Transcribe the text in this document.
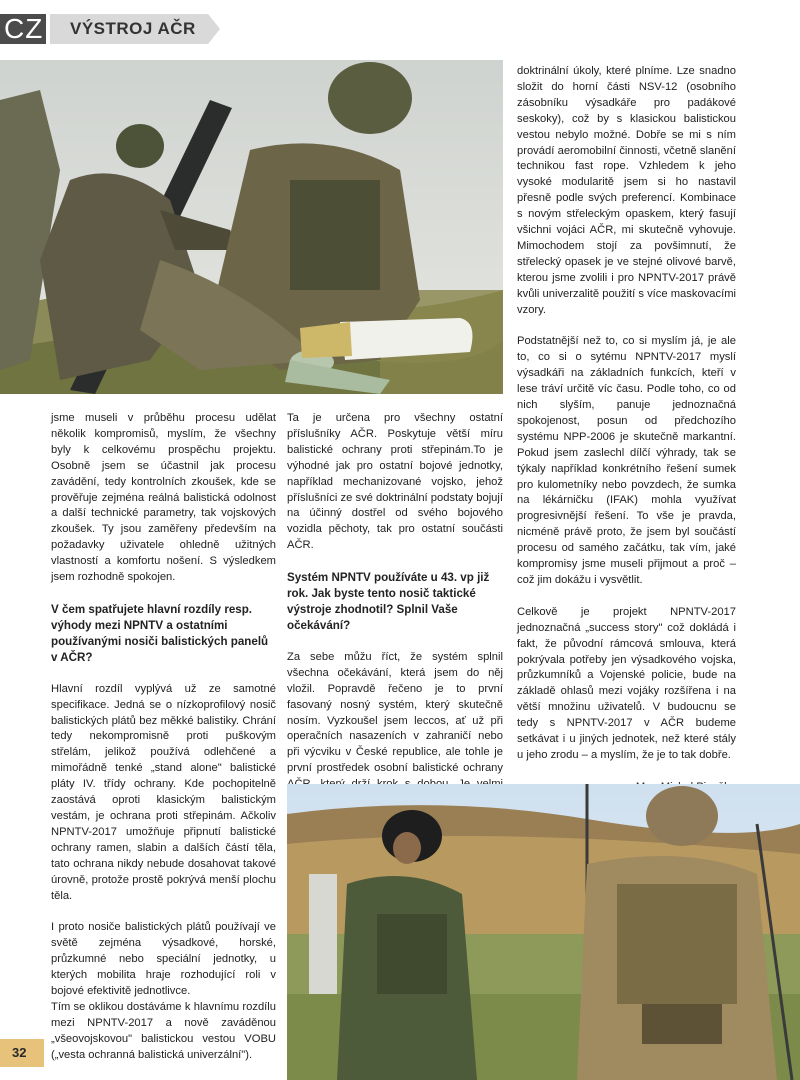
CZ VÝSTROJ AČR

jsme museli v průběhu procesu udělat několik kompromisů, myslím, že všechny byly k celkovému prospěchu projektu. Osobně jsem se účastnil jak procesu zavádění, tedy kontrolních zkoušek, kde se prověřuje zejména reálná balistická odolnost a další technické parametry, tak vojskových zkoušek. Ty jsou zaměřeny především na požadavky uživatele ohledně užitných vlastností a komfortu nošení. S výsledkem jsem rozhodně spokojen.

V čem spatřujete hlavní rozdíly resp. výhody mezi NPNTV a ostatními používanými nosiči balistických panelů v AČR?

Hlavní rozdíl vyplývá už ze samotné specifikace. Jedná se o nízkoprofilový nosič balistických plátů bez měkké balistiky. Chrání tedy nekompromisně proti puškovým střelám, jelikož používá odlehčené a mimořádně tenké „stand alone" balistické pláty IV. třídy ochrany. Kde pochopitelně zaostává oproti klasickým balistickým vestám, je ochrana proti střepinám. Ačkoliv NPNTV-2017 umožňuje připnutí balistické ochrany ramen, slabin a dalších částí těla, tato ochrana nikdy nebude dosahovat takové úrovně, protože prostě pokrývá menší plochu těla.

I proto nosiče balistických plátů používají ve světě zejména výsadkové, horské, průzkumné nebo speciální jednotky, u kterých mobilita hraje rozhodující roli v bojové efektivitě jednotlivce.

Tím se oklikou dostáváme k hlavnímu rozdílu mezi NPNTV-2017 a nově zaváděnou „všeovojskovou" balistickou vestou VOBU („vesta ochranná balistická univerzální").

Ta je určena pro všechny ostatní příslušníky AČR. Poskytuje větší míru balistické ochrany proti střepinám.To je výhodné jak pro ostatní bojové jednotky, například mechanizované vojsko, jehož příslušníci ze své doktrinální podstaty bojují na účinný dostřel od svého bojového vozidla pěchoty, tak pro ostatní součásti AČR.

Systém NPNTV používáte u 43. vp již rok. Jak byste tento nosič taktické výstroje zhodnotil? Splnil Vaše očekávání?

Za sebe můžu říct, že systém splnil všechna očekávání, která jsem do něj vložil. Popravdě řečeno je to první fasovaný nosný systém, který skutečně nosím. Vyzkoušel jsem leccos, ať už při operačních nasazeních v zahraničí nebo při výcviku v České republice, ale tohle je první prostředek osobní balistické ochrany

doktrinální úkoly, které plníme. Lze snadno složit do horní části NSV-12 (osobního zásobníku výsadkáře pro padákové seskoky), což by s klasickou balistickou vestou nebylo možné. Dobře se mi s ním provádí aeromobilní činnosti, včetně slanění technikou fast rope. Vzhledem k jeho vysoké modularitě jsem si ho nastavil přesně podle svých preferencí. Kombinace s novým střeleckým opaskem, který fasují všichni vojáci AČR, mi skutečně vyhovuje. Mimochodem stojí za povšimnutí, že střelecký opasek je ve stejné olivové barvě, kterou jsme zvolili i pro NPNTV-2017 právě kvůli univerzalitě použití s více maskovacími vzory.

Podstatnější než to, co si myslím já, je ale to, co si o sytému NPNTV-2017 myslí výsadkáři na základních funkcích, kteří v lese tráví určitě víc času. Podle toho, co od nich slyším, panuje jednoznačná spokojenost, posun od předchozího systému NPP-2006 je skutečně markantní. Pokud jsem zaslechl dílčí výhrady, tak se týkaly například konkrétního řešení sumek pro kulometníky nebo povzdech, že sumka na lékárničku (IFAK) mohla využívat progresivnější řešení. To vše je pravda, nicméně právě proto, že jsem byl součástí procesu od samého začátku, tak vím, jaké kompromisy jsme museli přijmout a proč – což jim dokážu i vysvětlit.

Celkově je projekt NPNTV-2017 jednoznačná „success story" což dokládá i fakt, že původní rámcová smlouva, která pokrývala potřeby jen výsadkového vojska, průzkumníků a Vojenské policie, bude na základě ohlasů mezi vojáky rozšířena i na větší množinu uživatelů. V budoucnu se tedy s NPNTV-2017 v AČR budeme setkávat i u jiných jednotek, než které stály u jeho zrodu – a myslím, že je to tak dobře.

32
